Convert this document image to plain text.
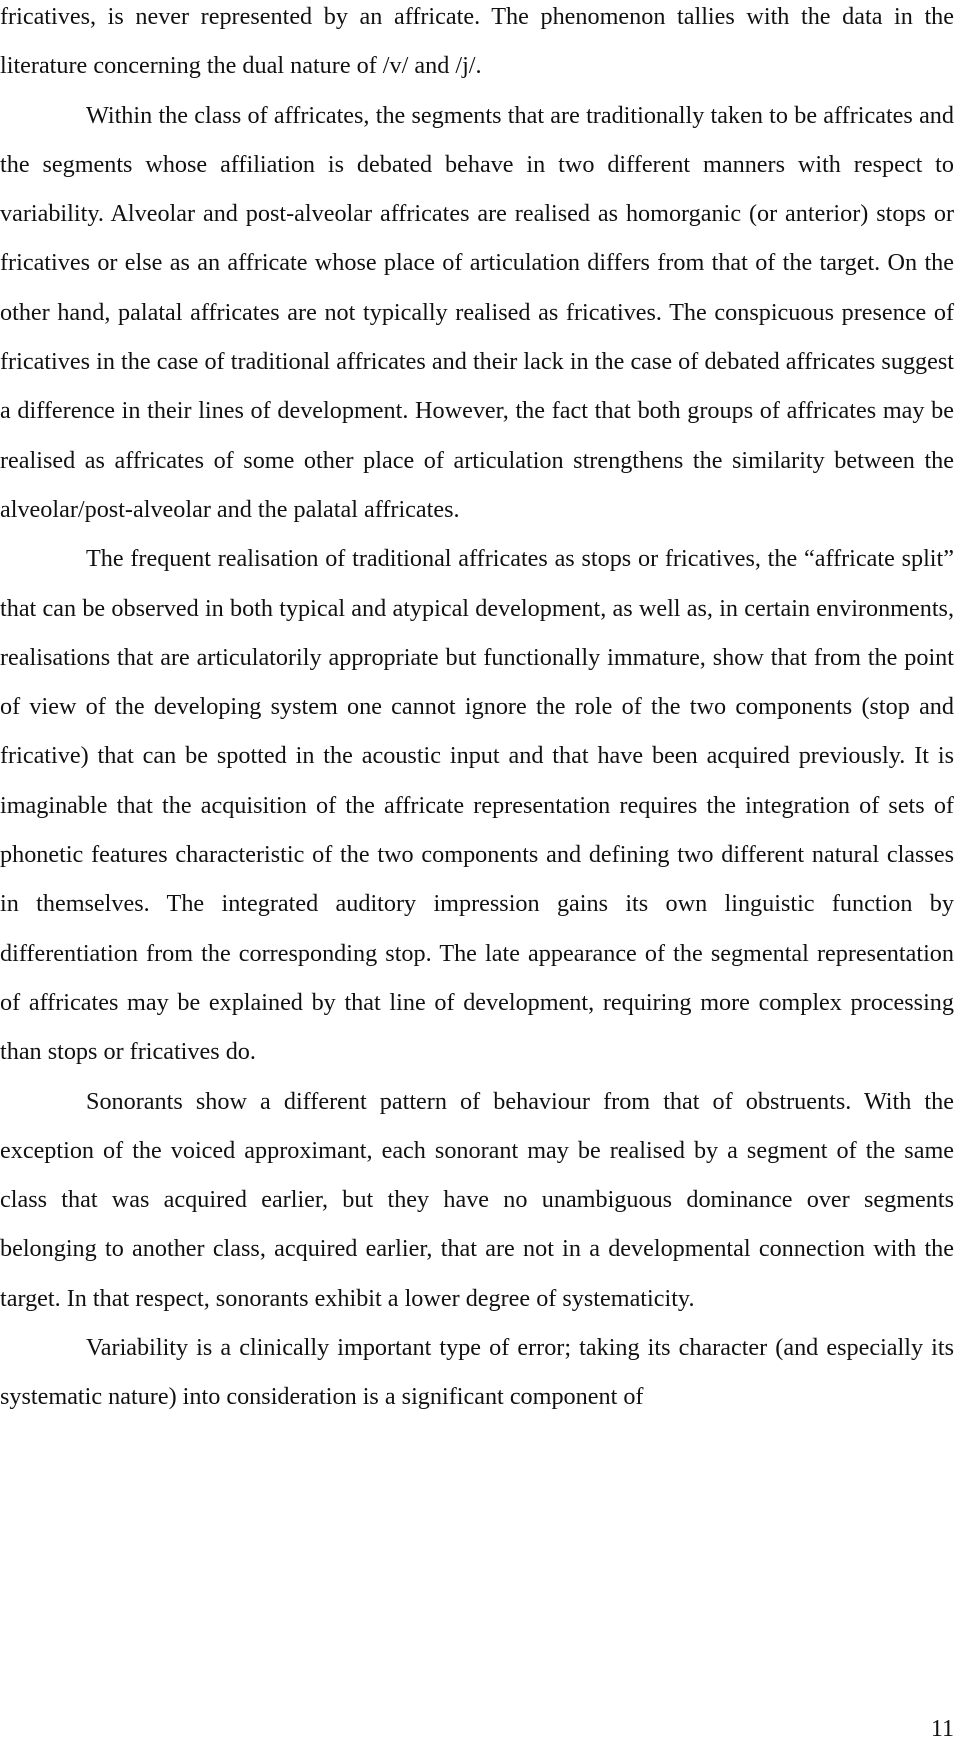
fricatives, is never represented by an affricate. The phenomenon tallies with the data in the literature concerning the dual nature of /v/ and /j/.

Within the class of affricates, the segments that are traditionally taken to be affricates and the segments whose affiliation is debated behave in two different manners with respect to variability. Alveolar and post-alveolar affricates are realised as homorganic (or anterior) stops or fricatives or else as an affricate whose place of articulation differs from that of the target. On the other hand, palatal affricates are not typically realised as fricatives. The conspicuous presence of fricatives in the case of traditional affricates and their lack in the case of debated affricates suggest a difference in their lines of development. However, the fact that both groups of affricates may be realised as affricates of some other place of articulation strengthens the similarity between the alveolar/post-alveolar and the palatal affricates.

The frequent realisation of traditional affricates as stops or fricatives, the “affricate split” that can be observed in both typical and atypical development, as well as, in certain environments, realisations that are articulatorily appropriate but functionally immature, show that from the point of view of the developing system one cannot ignore the role of the two components (stop and fricative) that can be spotted in the acoustic input and that have been acquired previously. It is imaginable that the acquisition of the affricate representation requires the integration of sets of phonetic features characteristic of the two components and defining two different natural classes in themselves. The integrated auditory impression gains its own linguistic function by differentiation from the corresponding stop. The late appearance of the segmental representation of affricates may be explained by that line of development, requiring more complex processing than stops or fricatives do.

Sonorants show a different pattern of behaviour from that of obstruents. With the exception of the voiced approximant, each sonorant may be realised by a segment of the same class that was acquired earlier, but they have no unambiguous dominance over segments belonging to another class, acquired earlier, that are not in a developmental connection with the target. In that respect, sonorants exhibit a lower degree of systematicity.

Variability is a clinically important type of error; taking its character (and especially its systematic nature) into consideration is a significant component of

11
